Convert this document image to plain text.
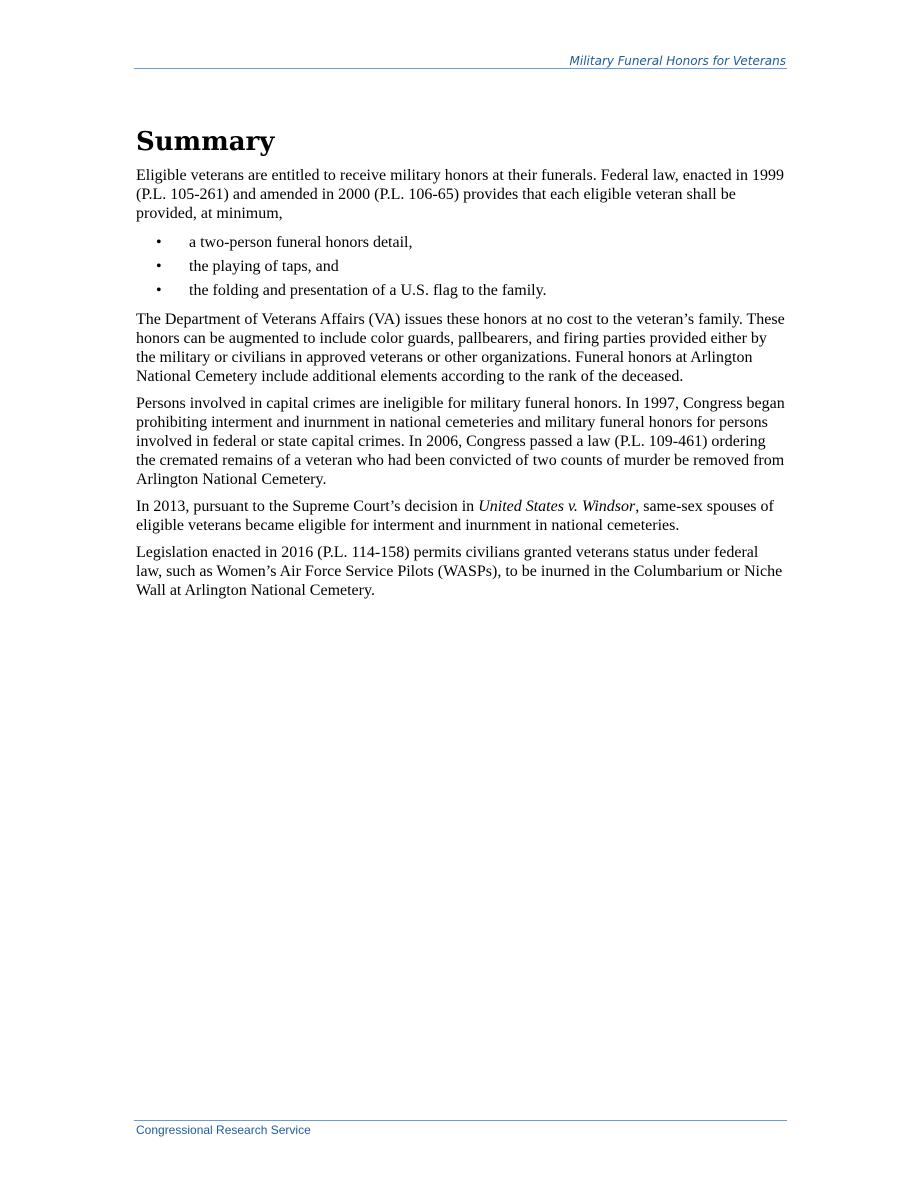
Military Funeral Honors for Veterans
Summary

Eligible veterans are entitled to receive military honors at their funerals. Federal law, enacted in 1999 (P.L. 105-261) and amended in 2000 (P.L. 106-65) provides that each eligible veteran shall be provided, at minimum,

• a two-person funeral honors detail,
• the playing of taps, and
• the folding and presentation of a U.S. flag to the family.

The Department of Veterans Affairs (VA) issues these honors at no cost to the veteran’s family. These honors can be augmented to include color guards, pallbearers, and firing parties provided either by the military or civilians in approved veterans or other organizations. Funeral honors at Arlington National Cemetery include additional elements according to the rank of the deceased.

Persons involved in capital crimes are ineligible for military funeral honors. In 1997, Congress began prohibiting interment and inurnment in national cemeteries and military funeral honors for persons involved in federal or state capital crimes. In 2006, Congress passed a law (P.L. 109-461) ordering the cremated remains of a veteran who had been convicted of two counts of murder be removed from Arlington National Cemetery.

In 2013, pursuant to the Supreme Court’s decision in United States v. Windsor, same-sex spouses of eligible veterans became eligible for interment and inurnment in national cemeteries.

Legislation enacted in 2016 (P.L. 114-158) permits civilians granted veterans status under federal law, such as Women’s Air Force Service Pilots (WASPs), to be inurned in the Columbarium or Niche Wall at Arlington National Cemetery.

Congressional Research Service
